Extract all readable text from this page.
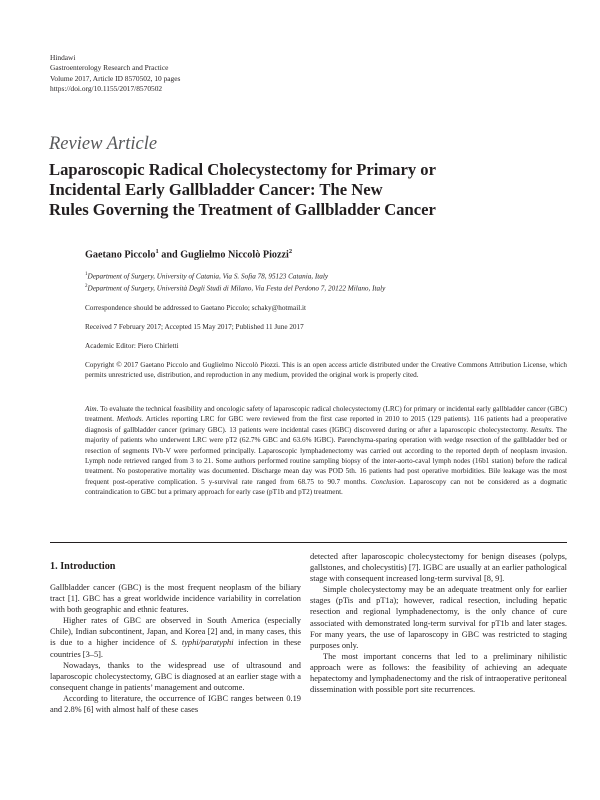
Hindawi
Gastroenterology Research and Practice
Volume 2017, Article ID 8570502, 10 pages
https://doi.org/10.1155/2017/8570502
Review Article
Laparoscopic Radical Cholecystectomy for Primary or
Incidental Early Gallbladder Cancer: The New
Rules Governing the Treatment of Gallbladder Cancer
Gaetano Piccolo$^1$ and Guglielmo Niccolò Piozzi$^2$
$^1$Department of Surgery, University of Catania, Via S. Sofia 78, 95123 Catania, Italy
$^2$Department of Surgery, Università Degli Studi di Milano, Via Festa del Perdono 7, 20122 Milano, Italy
Correspondence should be addressed to Gaetano Piccolo; schaky@hotmail.it
Received 7 February 2017; Accepted 15 May 2017; Published 11 June 2017
Academic Editor: Piero Chirletti
Copyright © 2017 Gaetano Piccolo and Guglielmo Niccolò Piozzi. This is an open access article distributed under the Creative Commons Attribution License, which permits unrestricted use, distribution, and reproduction in any medium, provided the original work is properly cited.
Aim. To evaluate the technical feasibility and oncologic safety of laparoscopic radical cholecystectomy (LRC) for primary or incidental early gallbladder cancer (GBC) treatment. Methods. Articles reporting LRC for GBC were reviewed from the first case reported in 2010 to 2015 (129 patients). 116 patients had a preoperative diagnosis of gallbladder cancer (primary GBC). 13 patients were incidental cases (IGBC) discovered during or after a laparoscopic cholecystectomy. Results. The majority of patients who underwent LRC were pT2 (62.7% GBC and 63.6% IGBC). Parenchyma-sparing operation with wedge resection of the gallbladder bed or resection of segments IVb-V were performed principally. Laparoscopic lymphadenectomy was carried out according to the reported depth of neoplasm invasion. Lymph node retrieved ranged from 3 to 21. Some authors performed routine sampling biopsy of the inter-aorto-caval lymph nodes (16b1 station) before the radical treatment. No postoperative mortality was documented. Discharge mean day was POD 5th. 16 patients had post operative morbidities. Bile leakage was the most frequent post-operative complication. 5 y-survival rate ranged from 68.75 to 90.7 months. Conclusion. Laparoscopy can not be considered as a dogmatic contraindication to GBC but a primary approach for early case (pT1b and pT2) treatment.
1. Introduction

Gallbladder cancer (GBC) is the most frequent neoplasm of the biliary tract [1]. GBC has a great worldwide incidence variability in correlation with both geographic and ethnic features.

Higher rates of GBC are observed in South America (especially Chile), Indian subcontinent, Japan, and Korea [2] and, in many cases, this is due to a higher incidence of S. typhi/paratyphi infection in these countries [3–5].

Nowadays, thanks to the widespread use of ultrasound and laparoscopic cholecystectomy, GBC is diagnosed at an earlier stage with a consequent change in patients’ management and outcome.

According to literature, the occurrence of IGBC ranges between 0.19 and 2.8% [6] with almost half of these cases

detected after laparoscopic cholecystectomy for benign diseases (polyps, gallstones, and cholecystitis) [7]. IGBC are usually at an earlier pathological stage with consequent increased long-term survival [8, 9].

Simple cholecystectomy may be an adequate treatment only for earlier stages (pTis and pT1a); however, radical resection, including hepatic resection and regional lymphadenectomy, is the only chance of cure associated with demonstrated long-term survival for pT1b and later stages. For many years, the use of laparoscopy in GBC was restricted to staging purposes only.

The most important concerns that led to a preliminary nihilistic approach were as follows: the feasibility of achieving an adequate hepatectomy and lymphadenectomy and the risk of intraoperative peritoneal dissemination with possible port site recurrences.
